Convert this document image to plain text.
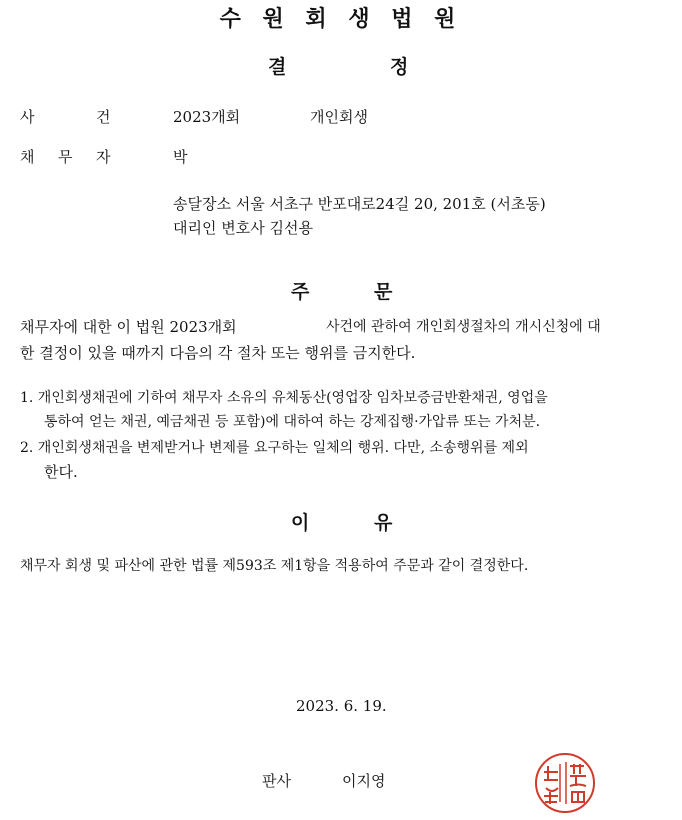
수 원 회 생 법 원
결	정
사	건	2023개회	개인회생
채 무 자	박
송달장소 서울 서초구 반포대로24길 20, 201호 (서초동)
대리인 변호사 김선용
주	문
채무자에 대한 이 법원 2023개회	사건에 관하여 개인회생절차의 개시신청에 대
한 결정이 있을 때까지 다음의 각 절차 또는 행위를 금지한다.
1. 개인회생채권에 기하여 채무자 소유의 유체동산(영업장 임차보증금반환채권, 영업을
통하여 얻는 채권, 예금채권 등 포함)에 대하여 하는 강제집행·가압류 또는 가처분.
2. 개인회생채권을 변제받거나 변제를 요구하는 일체의 행위. 다만, 소송행위를 제외
한다.
이	유
채무자 회생 및 파산에 관한 법률 제593조 제1항을 적용하여 주문과 같이 결정한다.
2023. 6. 19.
판사	이지영
